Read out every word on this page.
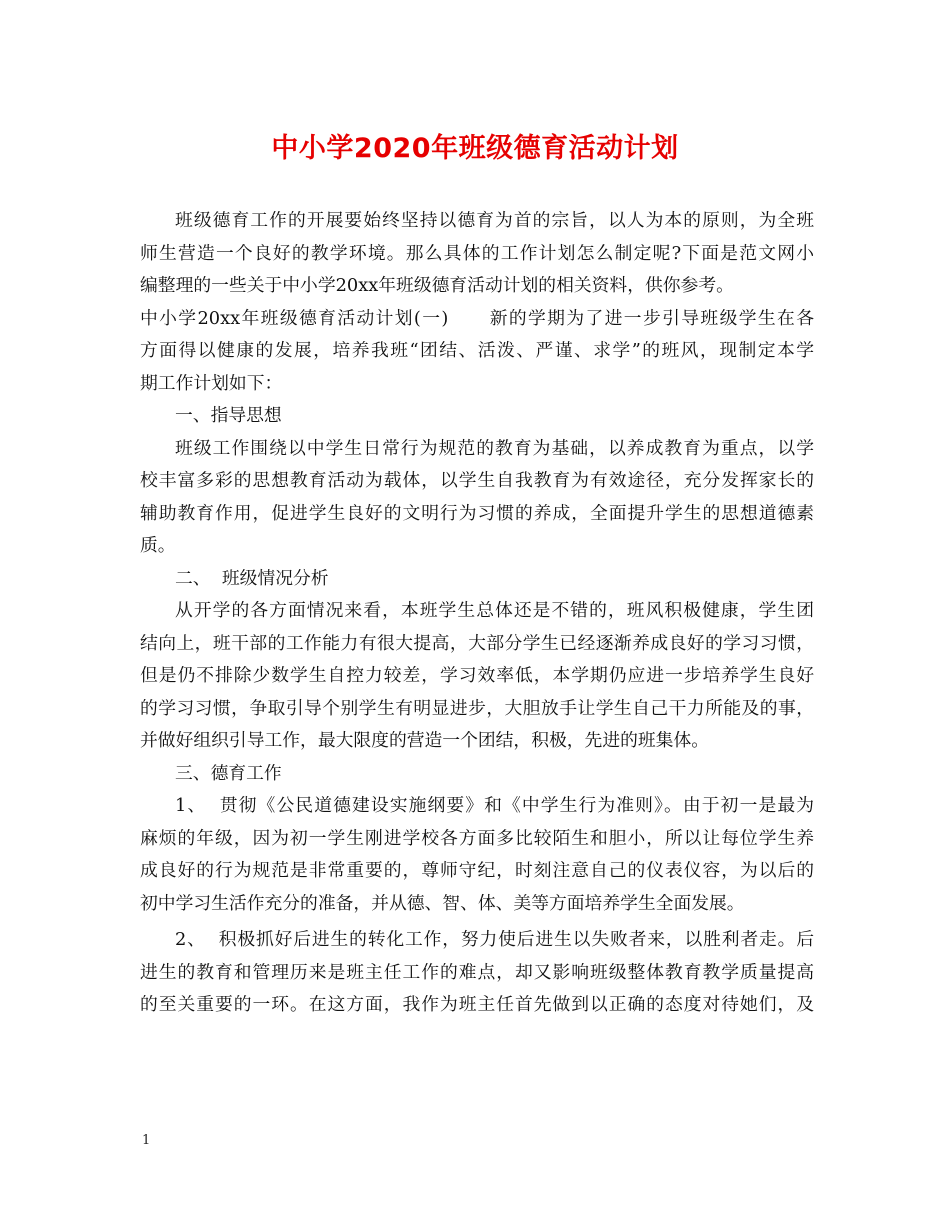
中小学2020年班级德育活动计划
班级德育工作的开展要始终坚持以德育为首的宗旨，以人为本的原则，为全班
师生营造一个良好的教学环境。那么具体的工作计划怎么制定呢?下面是范文网小
编整理的一些关于中小学20xx年班级德育活动计划的相关资料，供你参考。
中小学20xx年班级德育活动计划(一) 新的学期为了进一步引导班级学生在各
方面得以健康的发展，培养我班“团结、活泼、严谨、求学”的班风，现制定本学
期工作计划如下：
一、指导思想
班级工作围绕以中学生日常行为规范的教育为基础，以养成教育为重点，以学
校丰富多彩的思想教育活动为载体，以学生自我教育为有效途径，充分发挥家长的
辅助教育作用，促进学生良好的文明行为习惯的养成，全面提升学生的思想道德素
质。
二、  班级情况分析
从开学的各方面情况来看，本班学生总体还是不错的，班风积极健康，学生团
结向上，班干部的工作能力有很大提高，大部分学生已经逐渐养成良好的学习习惯，
但是仍不排除少数学生自控力较差，学习效率低，本学期仍应进一步培养学生良好
的学习习惯，争取引导个别学生有明显进步，大胆放手让学生自己干力所能及的事，
并做好组织引导工作，最大限度的营造一个团结，积极，先进的班集体。
三、德育工作
1、  贯彻《公民道德建设实施纲要》和《中学生行为准则》。由于初一是最为
麻烦的年级，因为初一学生刚进学校各方面多比较陌生和胆小，所以让每位学生养
成良好的行为规范是非常重要的，尊师守纪，时刻注意自己的仪表仪容，为以后的
初中学习生活作充分的准备，并从德、智、体、美等方面培养学生全面发展。
2、  积极抓好后进生的转化工作，努力使后进生以失败者来，以胜利者走。后
进生的教育和管理历来是班主任工作的难点，却又影响班级整体教育教学质量提高
的至关重要的一环。在这方面，我作为班主任首先做到以正确的态度对待她们，及
1
